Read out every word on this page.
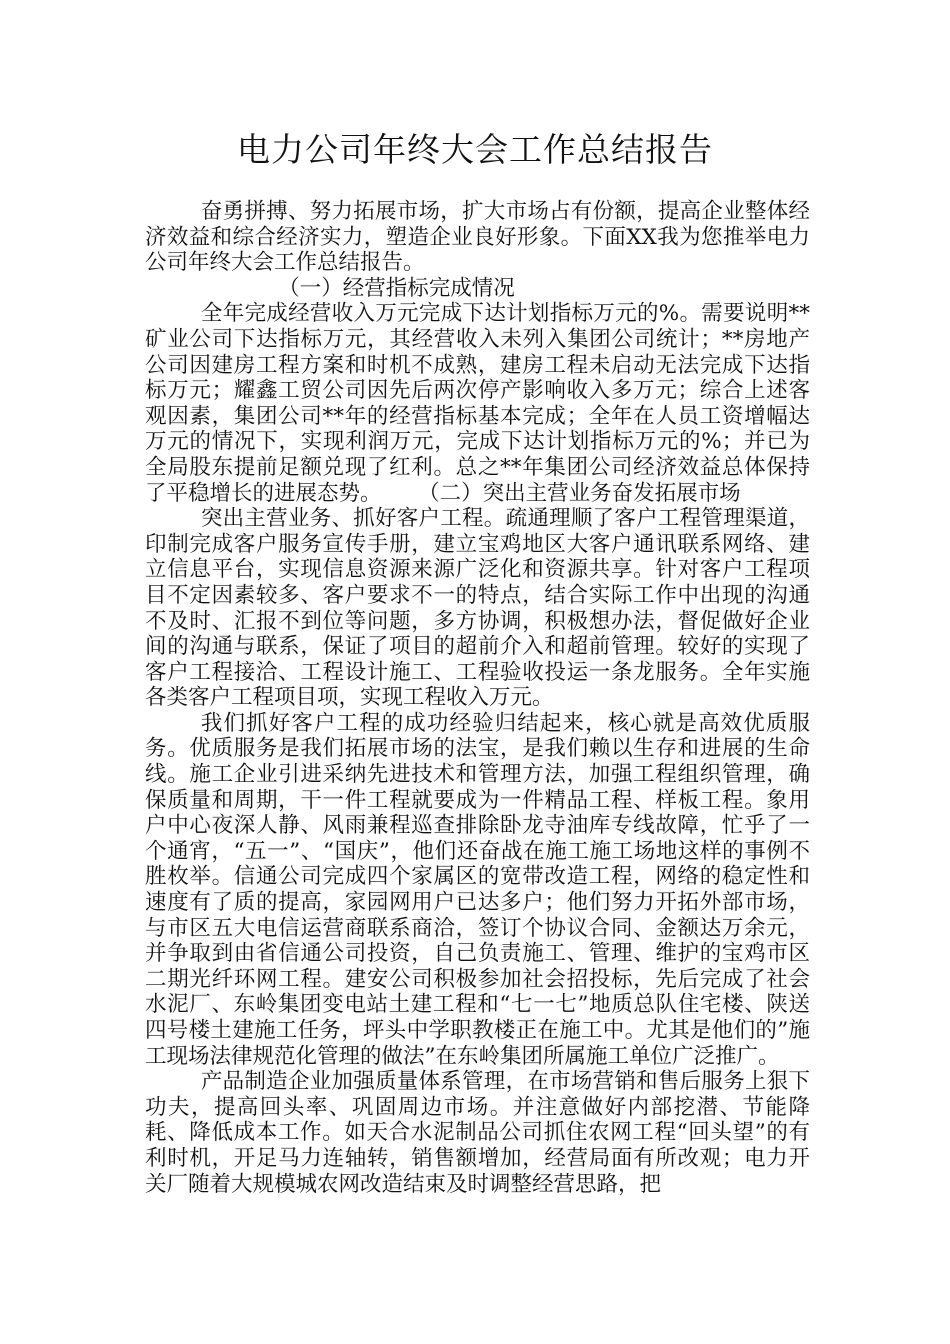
电力公司年终大会工作总结报告

奋勇拼搏、努力拓展市场，扩大市场占有份额，提高企业整体经济效益和综合经济实力，塑造企业良好形象。下面XX我为您推举电力公司年终大会工作总结报告。

（一）经营指标完成情况

全年完成经营收入万元完成下达计划指标万元的%。需要说明**矿业公司下达指标万元，其经营收入未列入集团公司统计；**房地产公司因建房工程方案和时机不成熟，建房工程未启动无法完成下达指标万元；耀鑫工贸公司因先后两次停产影响收入多万元；综合上述客观因素，集团公司**年的经营指标基本完成；全年在人员工资增幅达万元的情况下，实现利润万元，完成下达计划指标万元的%；并已为全局股东提前足额兑现了红利。总之**年集团公司经济效益总体保持了平稳增长的进展态势。 （二）突出主营业务奋发拓展市场

突出主营业务、抓好客户工程。疏通理顺了客户工程管理渠道，印制完成客户服务宣传手册，建立宝鸡地区大客户通讯联系网络、建立信息平台，实现信息资源来源广泛化和资源共享。针对客户工程项目不定因素较多、客户要求不一的特点，结合实际工作中出现的沟通不及时、汇报不到位等问题，多方协调，积极想办法，督促做好企业间的沟通与联系，保证了项目的超前介入和超前管理。较好的实现了客户工程接洽、工程设计施工、工程验收投运一条龙服务。全年实施各类客户工程项目项，实现工程收入万元。

我们抓好客户工程的成功经验归结起来，核心就是高效优质服务。优质服务是我们拓展市场的法宝，是我们赖以生存和进展的生命线。施工企业引进采纳先进技术和管理方法，加强工程组织管理，确保质量和周期，干一件工程就要成为一件精品工程、样板工程。象用户中心夜深人静、风雨兼程巡查排除卧龙寺油库专线故障，忙乎了一个通宵，“五一”、“国庆”，他们还奋战在施工施工场地这样的事例不胜枚举。信通公司完成四个家属区的宽带改造工程，网络的稳定性和速度有了质的提高，家园网用户已达多户；他们努力开拓外部市场，与市区五大电信运营商联系商洽，签订个协议合同、金额达万余元，并争取到由省信通公司投资，自己负责施工、管理、维护的宝鸡市区二期光纤环网工程。建安公司积极参加社会招投标，先后完成了社会水泥厂、东岭集团变电站土建工程和“七一七”地质总队住宅楼、陕送四号楼土建施工任务，坪头中学职教楼正在施工中。尤其是他们的”施工现场法律规范化管理的做法”在东岭集团所属施工单位广泛推广。

产品制造企业加强质量体系管理，在市场营销和售后服务上狠下功夫，提高回头率、巩固周边市场。并注意做好内部挖潜、节能降耗、降低成本工作。如天合水泥制品公司抓住农网工程“回头望”的有利时机，开足马力连轴转，销售额增加，经营局面有所改观；电力开关厂随着大规模城农网改造结束及时调整经营思路，把
